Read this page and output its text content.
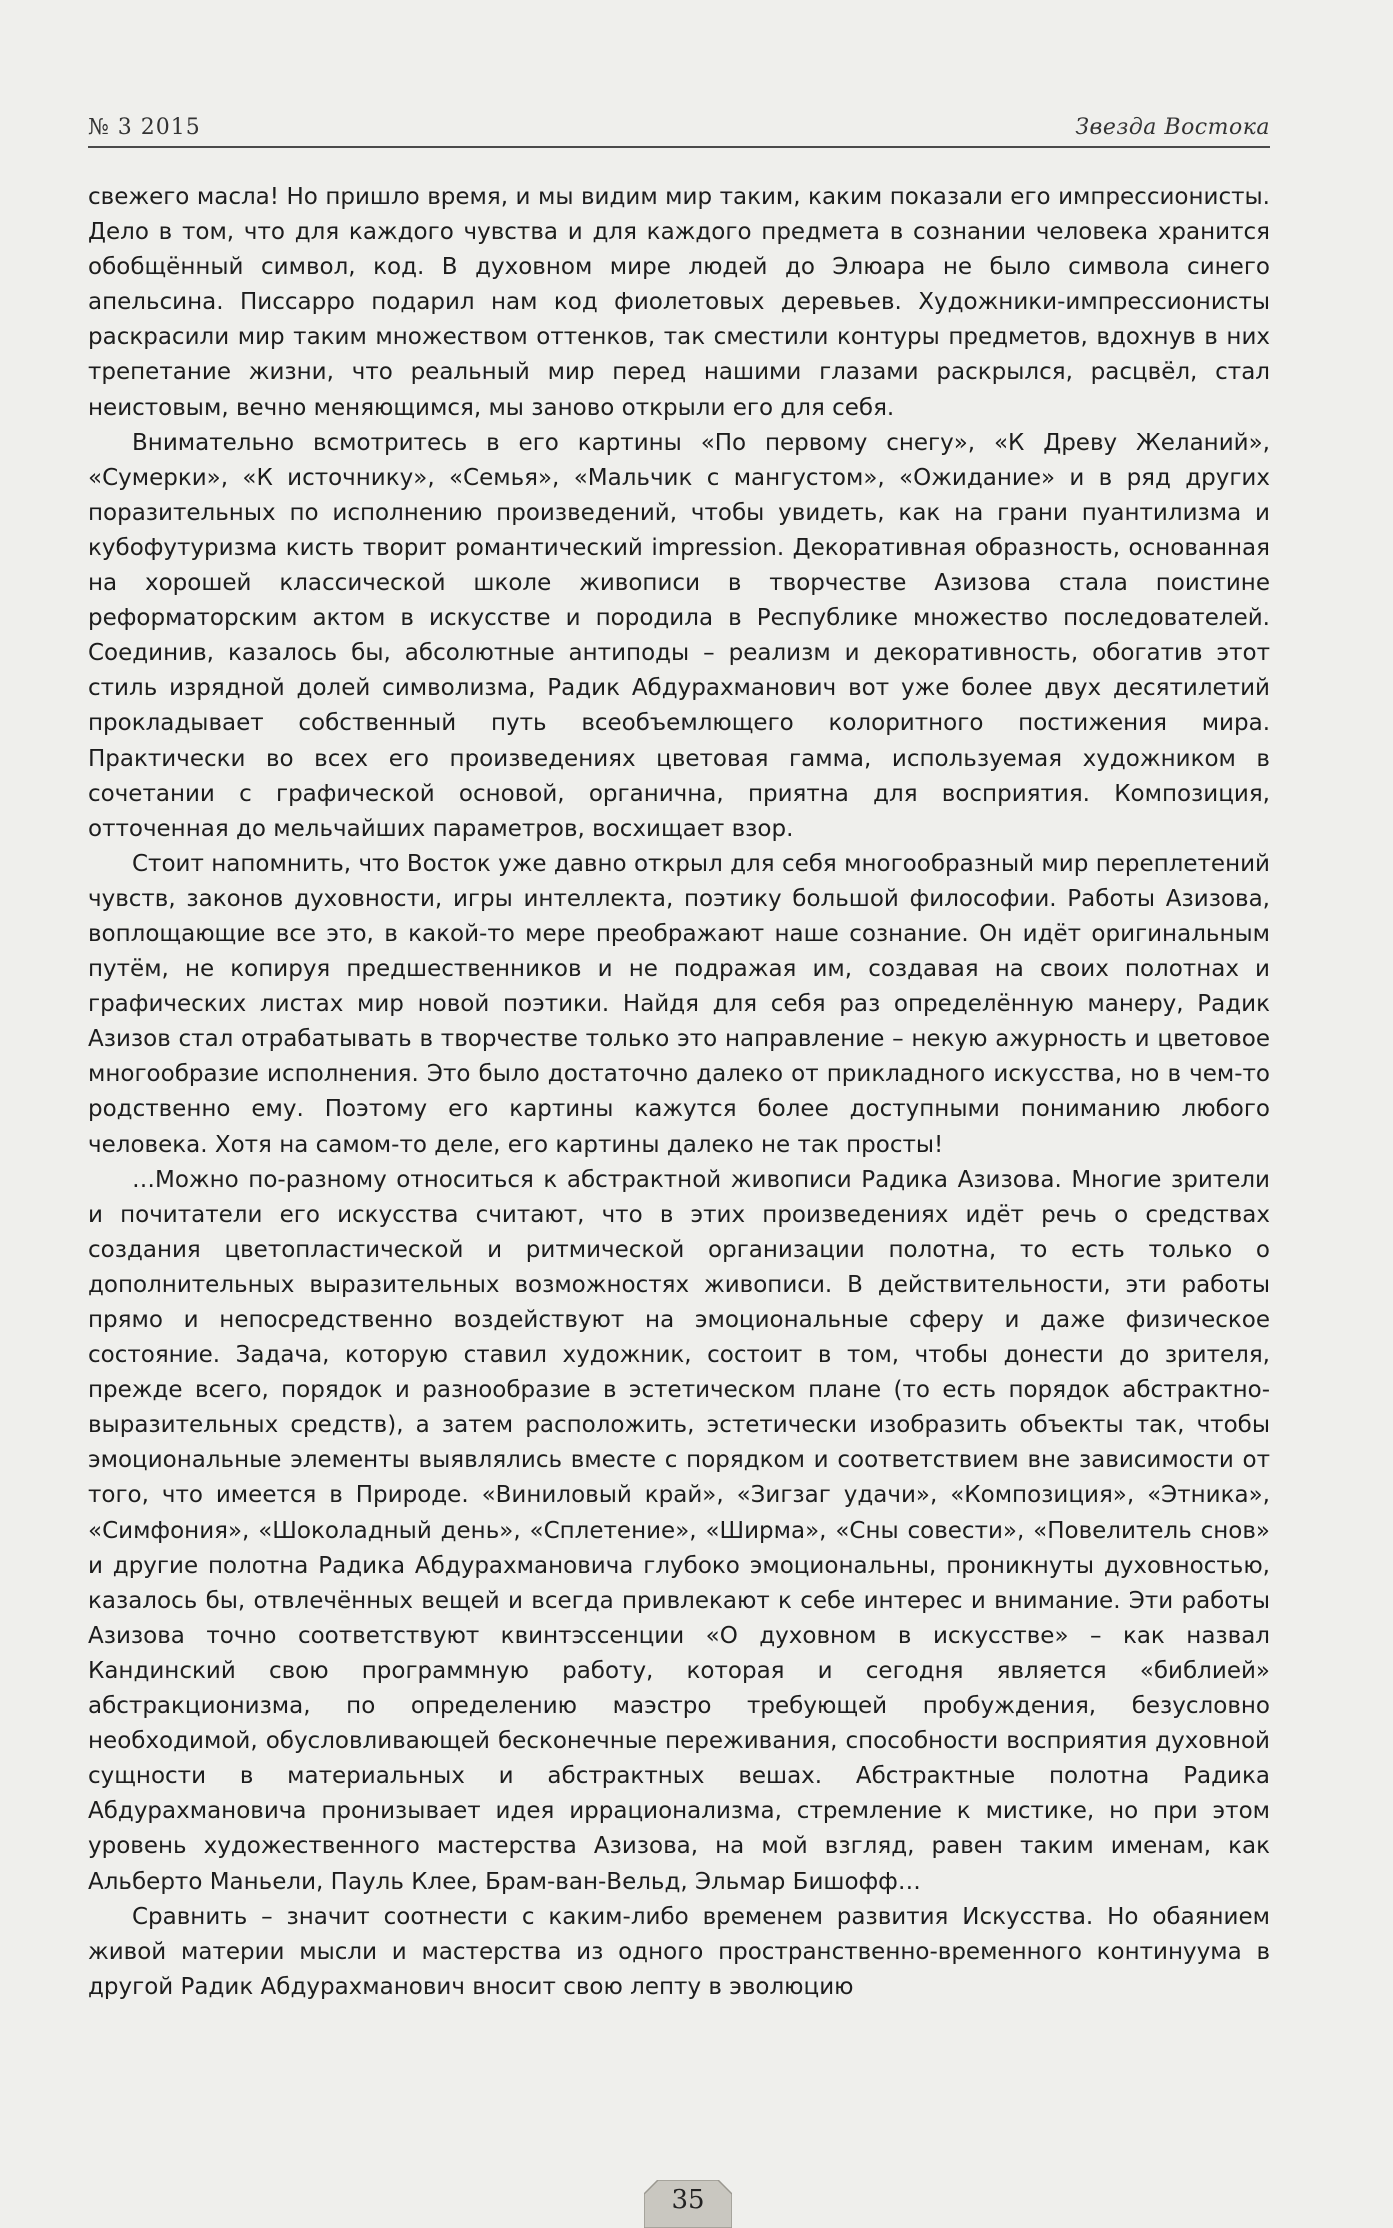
№ 3 2015	Звезда Востока

свежего масла! Но пришло время, и мы видим мир таким, каким показали его импрессионисты. Дело в том, что для каждого чувства и для каждого предмета в сознании человека хранится обобщённый символ, код. В духовном мире людей до Элюара не было символа синего апельсина. Писсарро подарил нам код фиолетовых деревьев. Художники-импрессионисты раскрасили мир таким множеством оттенков, так сместили контуры предметов, вдохнув в них трепетание жизни, что реальный мир перед нашими глазами раскрылся, расцвёл, стал неистовым, вечно меняющимся, мы заново открыли его для себя.

Внимательно всмотритесь в его картины «По первому снегу», «К Древу Желаний», «Сумерки», «К источнику», «Семья», «Мальчик с мангустом», «Ожидание» и в ряд других поразительных по исполнению произведений, чтобы увидеть, как на грани пуантилизма и кубофутуризма кисть творит романтический impression. Декоративная образность, основанная на хорошей классической школе живописи в творчестве Азизова стала поистине реформаторским актом в искусстве и породила в Республике множество последователей. Соединив, казалось бы, абсолютные антиподы – реализм и декоративность, обогатив этот стиль изрядной долей символизма, Радик Абдурахманович вот уже более двух десятилетий прокладывает собственный путь всеобъемлющего колоритного постижения мира. Практически во всех его произведениях цветовая гамма, используемая художником в сочетании с графической основой, органична, приятна для восприятия. Композиция, отточенная до мельчайших параметров, восхищает взор.

Стоит напомнить, что Восток уже давно открыл для себя многообразный мир переплетений чувств, законов духовности, игры интеллекта, поэтику большой философии. Работы Азизова, воплощающие все это, в какой-то мере преображают наше сознание. Он идёт оригинальным путём, не копируя предшественников и не подражая им, создавая на своих полотнах и графических листах мир новой поэтики. Найдя для себя раз определённую манеру, Радик Азизов стал отрабатывать в творчестве только это направление – некую ажурность и цветовое многообразие исполнения. Это было достаточно далеко от прикладного искусства, но в чем-то родственно ему. Поэтому его картины кажутся более доступными пониманию любого человека. Хотя на самом-то деле, его картины далеко не так просты!

…Можно по-разному относиться к абстрактной живописи Радика Азизова. Многие зрители и почитатели его искусства считают, что в этих произведениях идёт речь о средствах создания цветопластической и ритмической организации полотна, то есть только о дополнительных выразительных возможностях живописи. В действительности, эти работы прямо и непосредственно воздействуют на эмоциональные сферу и даже физическое состояние. Задача, которую ставил художник, состоит в том, чтобы донести до зрителя, прежде всего, порядок и разнообразие в эстетическом плане (то есть порядок абстрактно-выразительных средств), а затем расположить, эстетически изобразить объекты так, чтобы эмоциональные элементы выявлялись вместе с порядком и соответствием вне зависимости от того, что имеется в Природе. «Виниловый край», «Зигзаг удачи», «Композиция», «Этника», «Симфония», «Шоколадный день», «Сплетение», «Ширма», «Сны совести», «Повелитель снов» и другие полотна Радика Абдурахмановича глубоко эмоциональны, проникнуты духовностью, казалось бы, отвлечённых вещей и всегда привлекают к себе интерес и внимание. Эти работы Азизова точно соответствуют квинтэссенции «О духовном в искусстве» – как назвал Кандинский свою программную работу, которая и сегодня является «библией» абстракционизма, по определению маэстро требующей пробуждения, безусловно необходимой, обусловливающей бесконечные переживания, способности восприятия духовной сущности в материальных и абстрактных вешах. Абстрактные полотна Радика Абдурахмановича пронизывает идея иррационализма, стремление к мистике, но при этом уровень художественного мастерства Азизова, на мой взгляд, равен таким именам, как Альберто Маньели, Пауль Клее, Брам-ван-Вельд, Эльмар Бишофф…

Сравнить – значит соотнести с каким-либо временем развития Искусства. Но обаянием живой материи мысли и мастерства из одного пространственно-временного континуума в другой Радик Абдурахманович вносит свою лепту в эволюцию

35
